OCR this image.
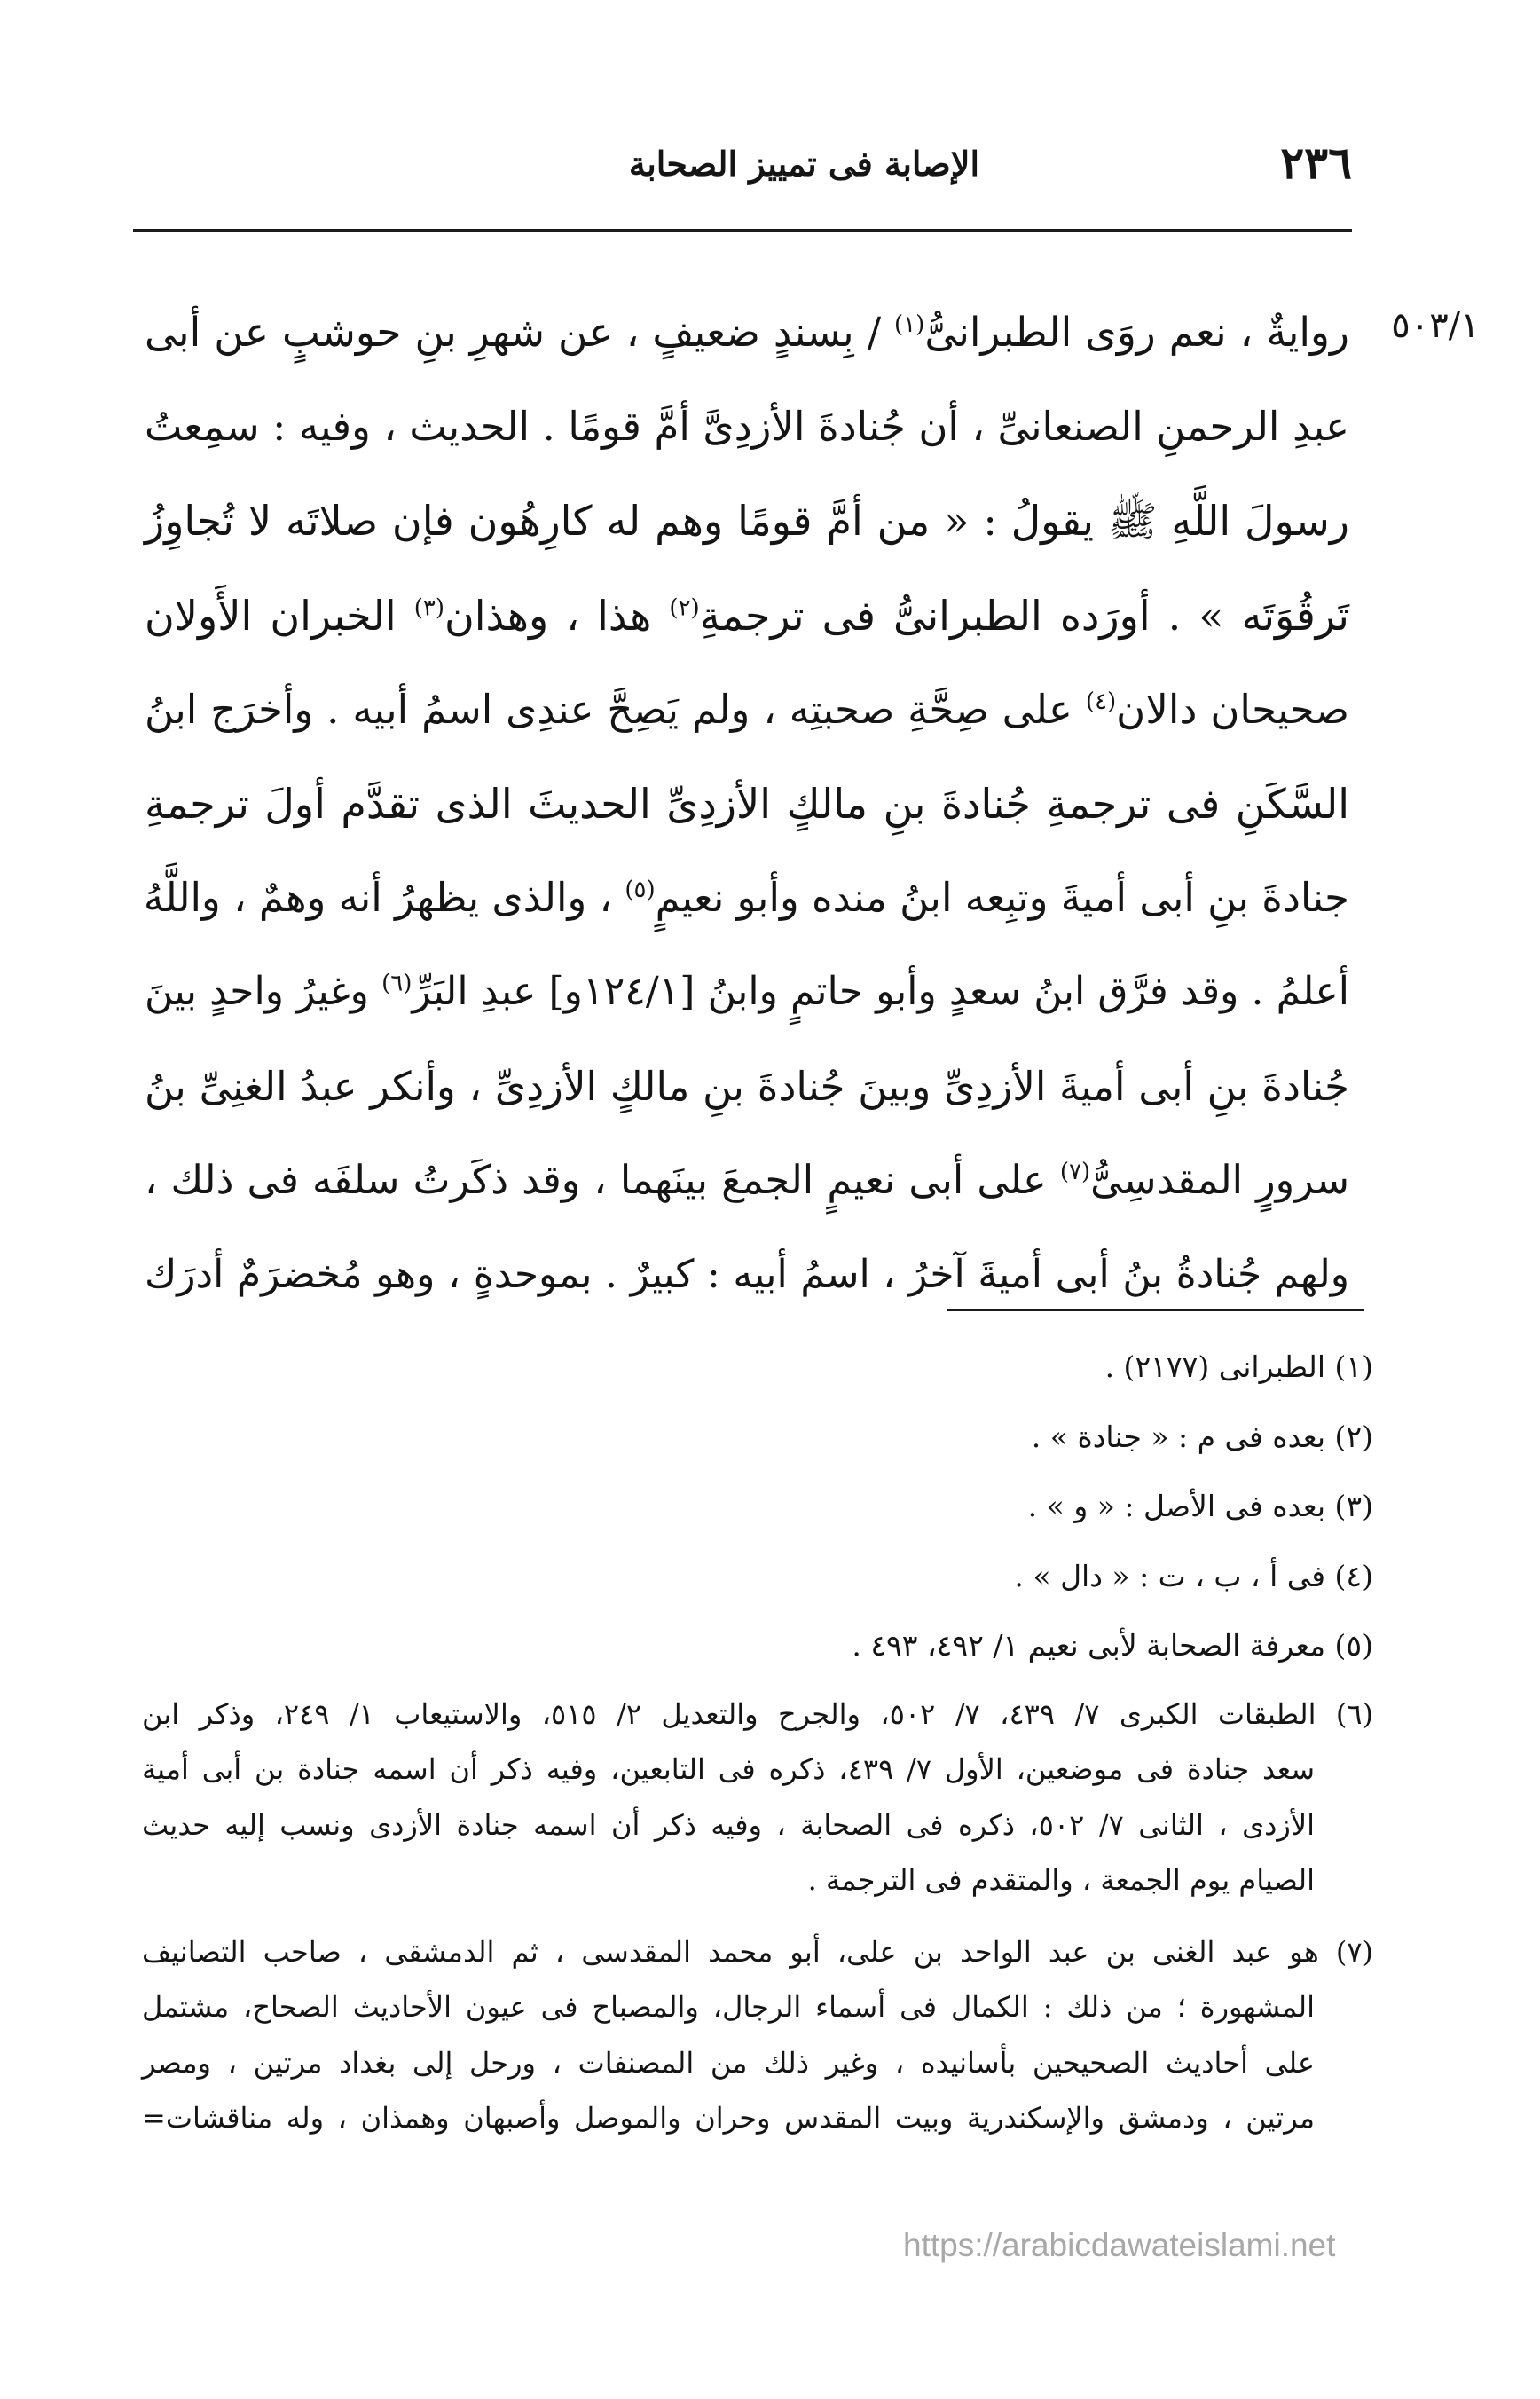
٢٣٦
الإصابة فى تمييز الصحابة
٥٠٣/١
روايةٌ ، نعم روَى الطبرانىُّ$^{(١)}$ / بِسندٍ ضعيفٍ ، عن شهرِ بنِ حوشبٍ عن أبى
عبدِ الرحمنِ الصنعانىِّ ، أن جُنادةَ الأزدِىَّ أمَّ قومًا . الحديث ، وفيه : سمِعتُ
رسولَ اللَّهِ ﷺ يقولُ : « من أمَّ قومًا وهم له كارِهُون فإن صلاتَه لا تُجاوِزُ
تَرقُوَتَه » . أورَده الطبرانىُّ فى ترجمةِ$^{(٢)}$ هذا ، وهذان$^{(٣)}$ الخبران الأَولان
صحيحان دالان$^{(٤)}$ على صِحَّةِ صحبتِه ، ولم يَصِحَّ عندِى اسمُ أبيه . وأخرَج ابنُ
السَّكَنِ فى ترجمةِ جُنادةَ بنِ مالكٍ الأزدِىِّ الحديثَ الذى تقدَّم أولَ ترجمةِ
جنادةَ بنِ أبى أميةَ وتبِعه ابنُ منده وأبو نعيمٍ$^{(٥)}$ ، والذى يظهرُ أنه وهمٌ ، واللَّهُ
أعلمُ . وقد فرَّق ابنُ سعدٍ وأبو حاتمٍ وابنُ [١٢٤/١و] عبدِ البَرِّ$^{(٦)}$ وغيرُ واحدٍ بينَ
جُنادةَ بنِ أبى أميةَ الأزدِىِّ وبينَ جُنادةَ بنِ مالكٍ الأزدِىِّ ، وأنكر عبدُ الغنِىِّ بنُ
سرورٍ المقدسِىُّ$^{(٧)}$ على أبى نعيمٍ الجمعَ بينَهما ، وقد ذكَرتُ سلفَه فى ذلك ،
ولهم جُنادةُ بنُ أبى أميةَ آخرُ ، اسمُ أبيه : كبيرٌ . بموحدةٍ ، وهو مُخضرَمٌ أدرَك
(١) الطبرانى (٢١٧٧) .
(٢) بعده فى م : « جنادة » .
(٣) بعده فى الأصل : « و » .
(٤) فى أ ، ب ، ت : « دال » .
(٥) معرفة الصحابة لأبى نعيم ١/ ٤٩٢، ٤٩٣ .
(٦) الطبقات الكبرى ٧/ ٤٣٩، ٧/ ٥٠٢، والجرح والتعديل ٢/ ٥١٥، والاستيعاب ١/ ٢٤٩، وذكر ابن
سعد جنادة فى موضعين، الأول ٧/ ٤٣٩، ذكره فى التابعين، وفيه ذكر أن اسمه جنادة بن أبى أمية
الأزدى ، الثانى ٧/ ٥٠٢، ذكره فى الصحابة ، وفيه ذكر أن اسمه جنادة الأزدى ونسب إليه حديث
الصيام يوم الجمعة ، والمتقدم فى الترجمة .
(٧) هو عبد الغنى بن عبد الواحد بن على، أبو محمد المقدسى ، ثم الدمشقى ، صاحب التصانيف
المشهورة ؛ من ذلك : الكمال فى أسماء الرجال، والمصباح فى عيون الأحاديث الصحاح، مشتمل
على أحاديث الصحيحين بأسانيده ، وغير ذلك من المصنفات ، ورحل إلى بغداد مرتين ، ومصر
مرتين ، ودمشق والإسكندرية وبيت المقدس وحران والموصل وأصبهان وهمذان ، وله مناقشات=
https://arabicdawateislami.net
